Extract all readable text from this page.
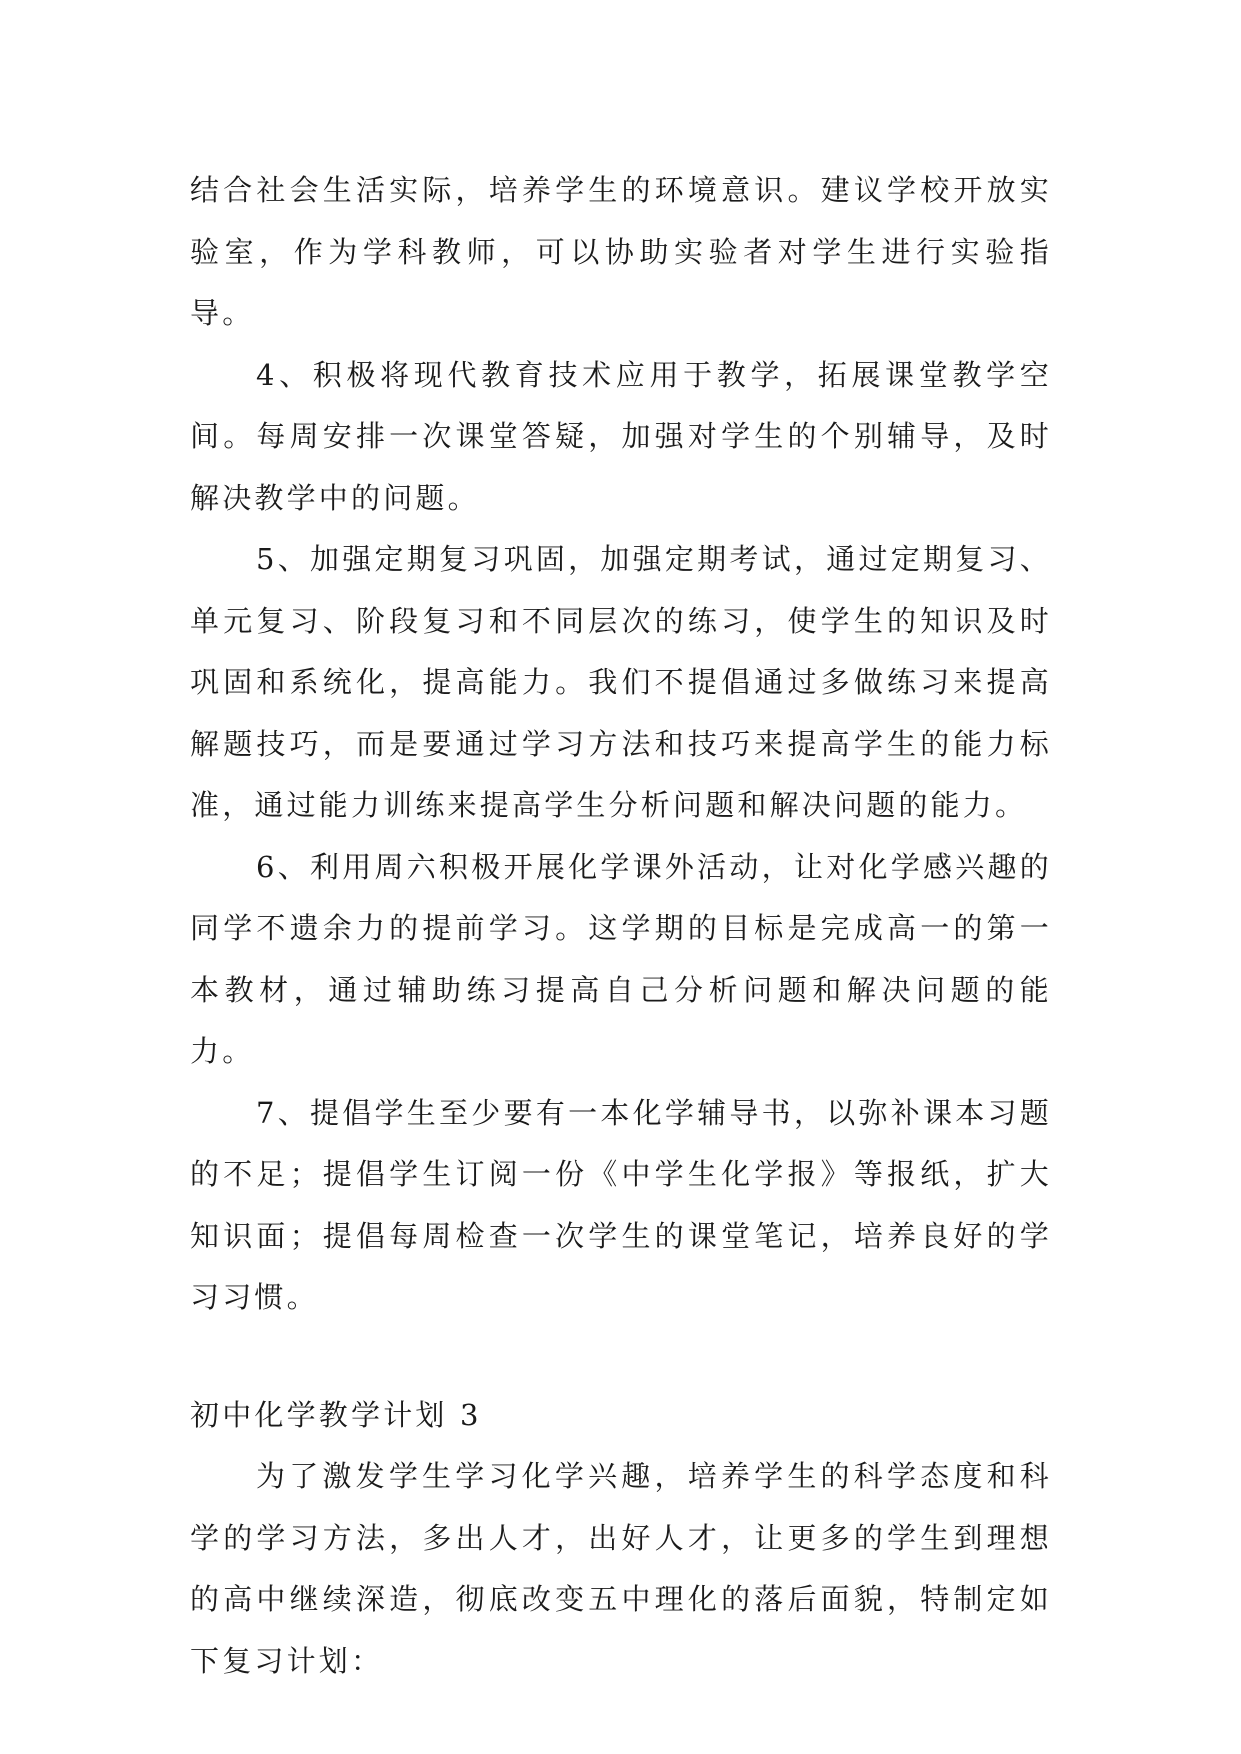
结合社会生活实际，培养学生的环境意识。建议学校开放实验室，作为学科教师，可以协助实验者对学生进行实验指导。

4、积极将现代教育技术应用于教学，拓展课堂教学空间。每周安排一次课堂答疑，加强对学生的个别辅导，及时解决教学中的问题。

5、加强定期复习巩固，加强定期考试，通过定期复习、单元复习、阶段复习和不同层次的练习，使学生的知识及时巩固和系统化，提高能力。我们不提倡通过多做练习来提高解题技巧，而是要通过学习方法和技巧来提高学生的能力标准，通过能力训练来提高学生分析问题和解决问题的能力。

6、利用周六积极开展化学课外活动，让对化学感兴趣的同学不遗余力的提前学习。这学期的目标是完成高一的第一本教材，通过辅助练习提高自己分析问题和解决问题的能力。

7、提倡学生至少要有一本化学辅导书，以弥补课本习题的不足；提倡学生订阅一份《中学生化学报》等报纸，扩大知识面；提倡每周检查一次学生的课堂笔记，培养良好的学习习惯。

初中化学教学计划 3

为了激发学生学习化学兴趣，培养学生的科学态度和科学的学习方法，多出人才，出好人才，让更多的学生到理想的高中继续深造，彻底改变五中理化的落后面貌，特制定如下复习计划：
